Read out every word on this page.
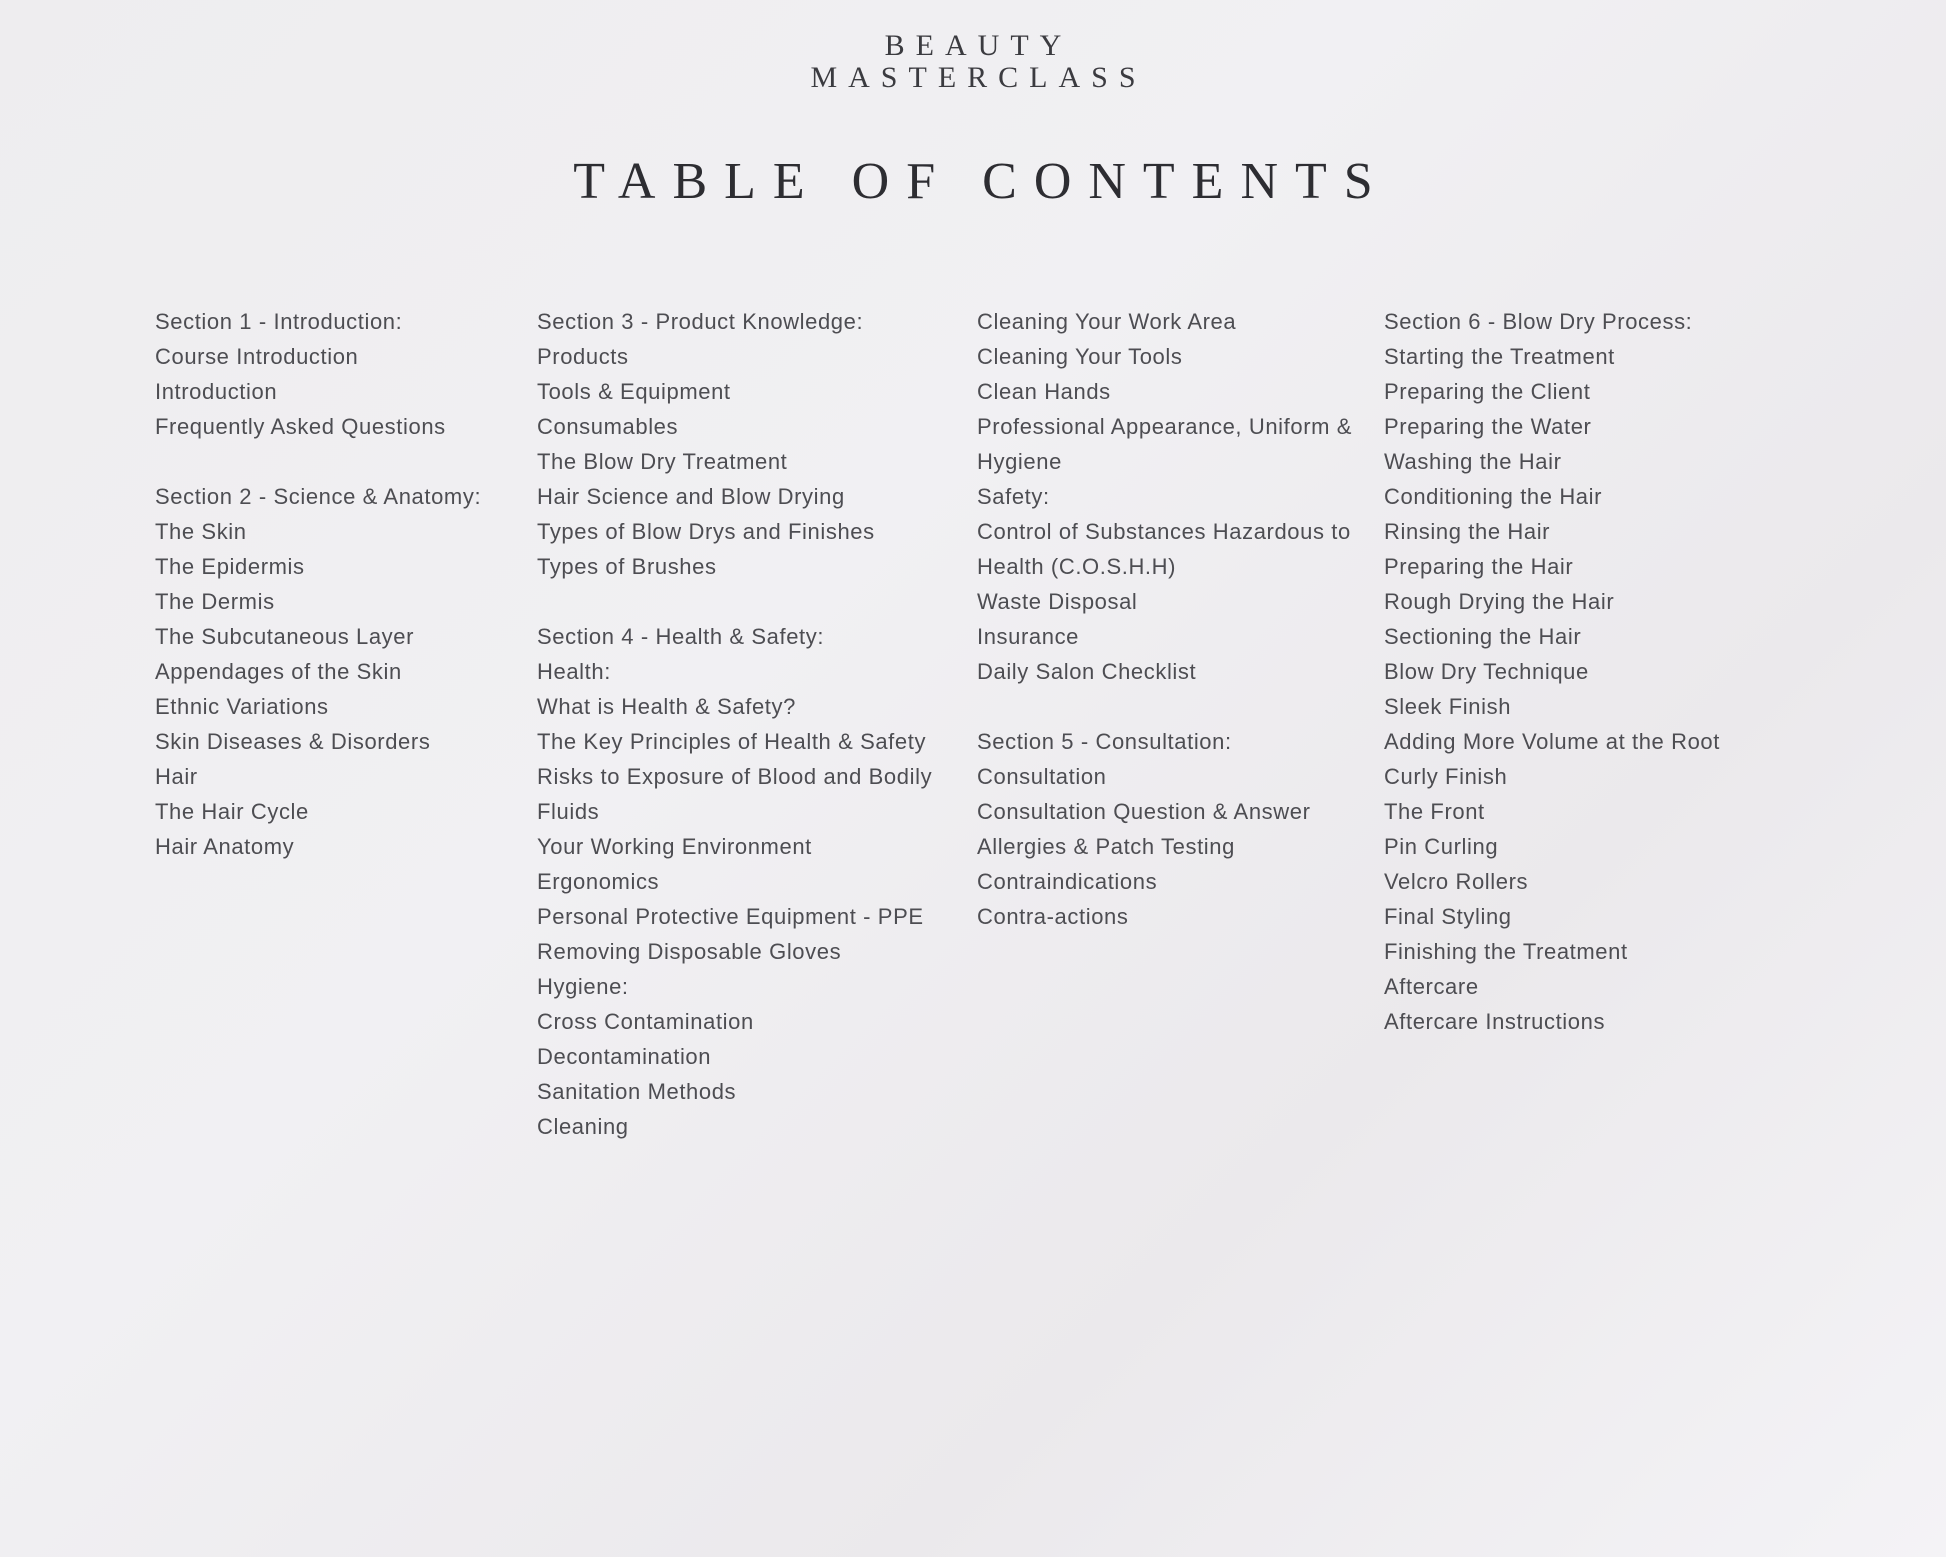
BEAUTY
MASTERCLASS
TABLE OF CONTENTS
Section 1 - Introduction:
Course Introduction
Introduction
Frequently Asked Questions
Section 2 - Science & Anatomy:
The Skin
The Epidermis
The Dermis
The Subcutaneous Layer
Appendages of the Skin
Ethnic Variations
Skin Diseases & Disorders
Hair
The Hair Cycle
Hair Anatomy
Section 3 - Product Knowledge:
Products
Tools & Equipment
Consumables
The Blow Dry Treatment
Hair Science and Blow Drying
Types of Blow Drys and Finishes
Types of Brushes
Section 4 - Health & Safety:
Health:
What is Health & Safety?
The Key Principles of Health & Safety
Risks to Exposure of Blood and Bodily
Fluids
Your Working Environment
Ergonomics
Personal Protective Equipment - PPE
Removing Disposable Gloves
Hygiene:
Cross Contamination
Decontamination
Sanitation Methods
Cleaning
Cleaning Your Work Area
Cleaning Your Tools
Clean Hands
Professional Appearance, Uniform &
Hygiene
Safety:
Control of Substances Hazardous to
Health (C.O.S.H.H)
Waste Disposal
Insurance
Daily Salon Checklist
Section 5 - Consultation:
Consultation
Consultation Question & Answer
Allergies & Patch Testing
Contraindications
Contra-actions
Section 6 - Blow Dry Process:
Starting the Treatment
Preparing the Client
Preparing the Water
Washing the Hair
Conditioning the Hair
Rinsing the Hair
Preparing the Hair
Rough Drying the Hair
Sectioning the Hair
Blow Dry Technique
Sleek Finish
Adding More Volume at the Root
Curly Finish
The Front
Pin Curling
Velcro Rollers
Final Styling
Finishing the Treatment
Aftercare
Aftercare Instructions
